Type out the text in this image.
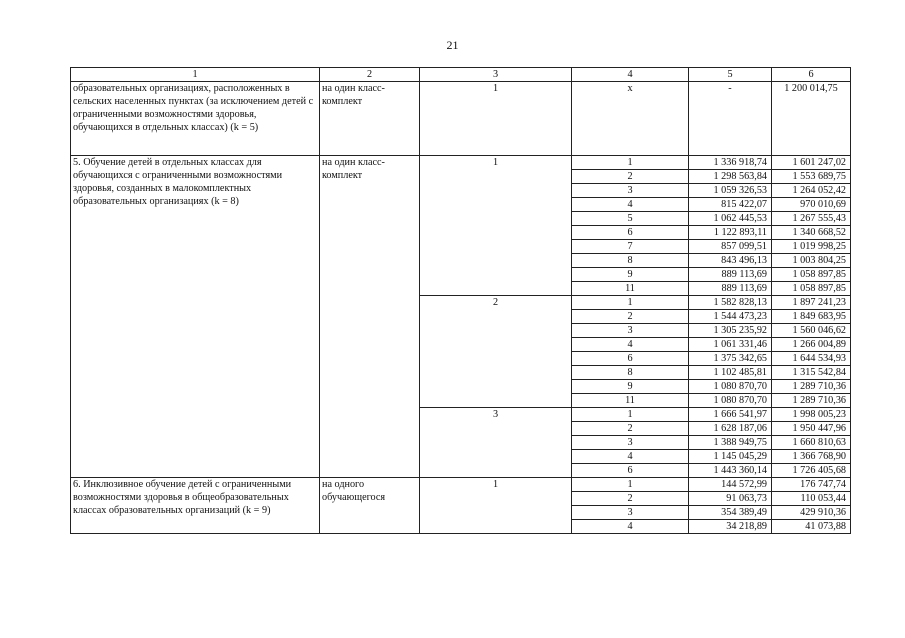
21
1	2	3	4	5	6
образовательных организациях, расположенных в сельских населенных пунктах (за исключением детей с ограниченными возможностями здоровья, обучающихся в отдельных классах) (k = 5)	на один класс-комплект	1	x	-	1 200 014,75
5. Обучение детей в отдельных классах для обучающихся с ограниченными возможностями здоровья, созданных в малокомплектных образовательных организациях (k = 8)	на один класс-комплект	1	1	1 336 918,74	1 601 247,02
			2	1 298 563,84	1 553 689,75
			3	1 059 326,53	1 264 052,42
			4	815 422,07	970 010,69
			5	1 062 445,53	1 267 555,43
			6	1 122 893,11	1 340 668,52
			7	857 099,51	1 019 998,25
			8	843 496,13	1 003 804,25
			9	889 113,69	1 058 897,85
			11	889 113,69	1 058 897,85
		2	1	1 582 828,13	1 897 241,23
			2	1 544 473,23	1 849 683,95
			3	1 305 235,92	1 560 046,62
			4	1 061 331,46	1 266 004,89
			6	1 375 342,65	1 644 534,93
			8	1 102 485,81	1 315 542,84
			9	1 080 870,70	1 289 710,36
			11	1 080 870,70	1 289 710,36
		3	1	1 666 541,97	1 998 005,23
			2	1 628 187,06	1 950 447,96
			3	1 388 949,75	1 660 810,63
			4	1 145 045,29	1 366 768,90
			6	1 443 360,14	1 726 405,68
6. Инклюзивное обучение детей с ограниченными возможностями здоровья в общеобразовательных классах образовательных организаций (k = 9)	на одного обучающегося	1	1	144 572,99	176 747,74
			2	91 063,73	110 053,44
			3	354 389,49	429 910,36
			4	34 218,89	41 073,88
